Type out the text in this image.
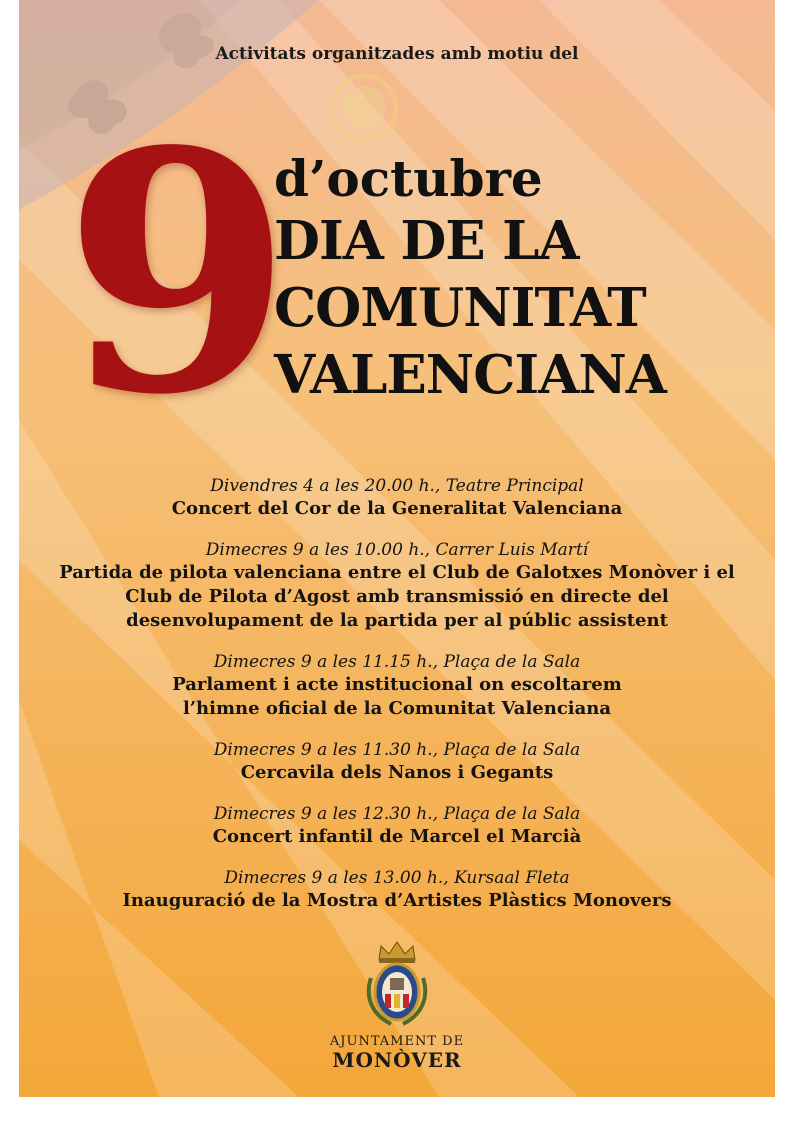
Activitats organitzades amb motiu del
9
d’octubre
DIA DE LA
COMUNITAT
VALENCIANA
Divendres 4 a les 20.00 h., Teatre Principal
Concert del Cor de la Generalitat Valenciana
Dimecres 9 a les 10.00 h., Carrer Luis Martí
Partida de pilota valenciana entre el Club de Galotxes Monòver i el
Club de Pilota d’Agost amb transmissió en directe del
desenvolupament de la partida per al públic assistent
Dimecres 9 a les 11.15 h., Plaça de la Sala
Parlament i acte institucional on escoltarem
l’himne oficial de la Comunitat Valenciana
Dimecres 9 a les 11.30 h., Plaça de la Sala
Cercavila dels Nanos i Gegants
Dimecres 9 a les 12.30 h., Plaça de la Sala
Concert infantil de Marcel el Marcià
Dimecres 9 a les 13.00 h., Kursaal Fleta
Inauguració de la Mostra d’Artistes Plàstics Monovers
AJUNTAMENT DE
MONÒVER
